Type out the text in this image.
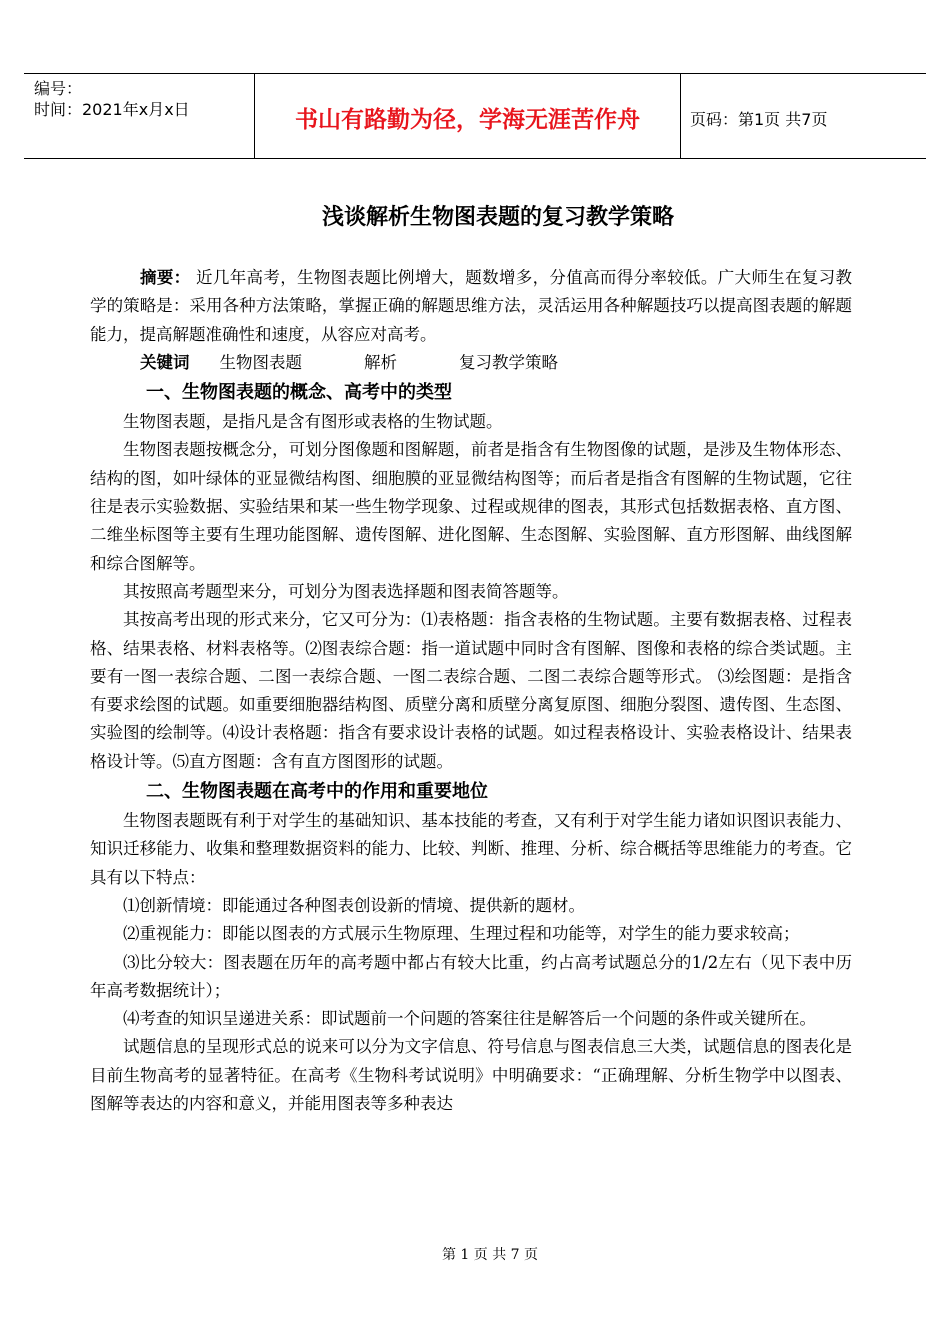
编号：
时间：2021年x月x日	书山有路勤为径，学海无涯苦作舟	页码：第1页 共7页
浅谈解析生物图表题的复习教学策略

摘要： 近几年高考，生物图表题比例增大，题数增多，分值高而得分率较低。广大师生在复习教学的策略是：采用各种方法策略，掌握正确的解题思维方法，灵活运用各种解题技巧以提高图表题的解题能力，提高解题准确性和速度，从容应对高考。

关键词 生物图表题	解析	复习教学策略

一、生物图表题的概念、高考中的类型

生物图表题，是指凡是含有图形或表格的生物试题。

生物图表题按概念分，可划分图像题和图解题，前者是指含有生物图像的试题，是涉及生物体形态、结构的图，如叶绿体的亚显微结构图、细胞膜的亚显微结构图等；而后者是指含有图解的生物试题，它往往是表示实验数据、实验结果和某一些生物学现象、过程或规律的图表，其形式包括数据表格、直方图、二维坐标图等主要有生理功能图解、遗传图解、进化图解、生态图解、实验图解、直方形图解、曲线图解和综合图解等。

其按照高考题型来分，可划分为图表选择题和图表简答题等。

其按高考出现的形式来分，它又可分为：⑴表格题：指含表格的生物试题。主要有数据表格、过程表格、结果表格、材料表格等。⑵图表综合题：指一道试题中同时含有图解、图像和表格的综合类试题。主要有一图一表综合题、二图一表综合题、一图二表综合题、二图二表综合题等形式。 ⑶绘图题：是指含有要求绘图的试题。如重要细胞器结构图、质壁分离和质壁分离复原图、细胞分裂图、遗传图、生态图、实验图的绘制等。⑷设计表格题：指含有要求设计表格的试题。如过程表格设计、实验表格设计、结果表格设计等。⑸直方图题：含有直方图图形的试题。

二、生物图表题在高考中的作用和重要地位

生物图表题既有利于对学生的基础知识、基本技能的考查，又有利于对学生能力诸如识图识表能力、知识迁移能力、收集和整理数据资料的能力、比较、判断、推理、分析、综合概括等思维能力的考查。它具有以下特点：

⑴创新情境：即能通过各种图表创设新的情境、提供新的题材。

⑵重视能力：即能以图表的方式展示生物原理、生理过程和功能等，对学生的能力要求较高；

⑶比分较大：图表题在历年的高考题中都占有较大比重，约占高考试题总分的1/2左右（见下表中历年高考数据统计）；

⑷考查的知识呈递进关系：即试题前一个问题的答案往往是解答后一个问题的条件或关键所在。

试题信息的呈现形式总的说来可以分为文字信息、符号信息与图表信息三大类，试题信息的图表化是目前生物高考的显著特征。在高考《生物科考试说明》中明确要求：“正确理解、分析生物学中以图表、图解等表达的内容和意义，并能用图表等多种表达

第 1 页 共 7 页
